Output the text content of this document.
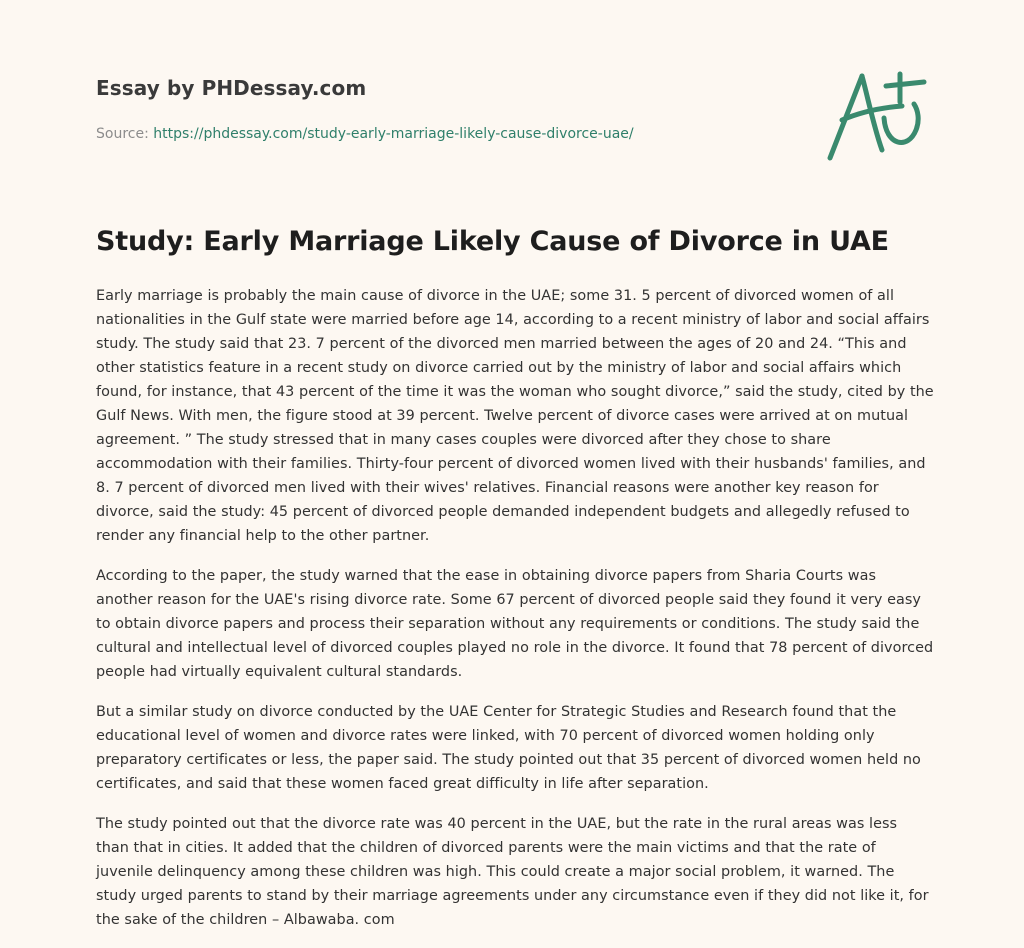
Essay by PHDessay.com
Source: https://phdessay.com/study-early-marriage-likely-cause-divorce-uae/
Study: Early Marriage Likely Cause of Divorce in UAE

Early marriage is probably the main cause of divorce in the UAE; some 31. 5 percent of divorced women of all nationalities in the Gulf state were married before age 14, according to a recent ministry of labor and social affairs study. The study said that 23. 7 percent of the divorced men married between the ages of 20 and 24. “This and other statistics feature in a recent study on divorce carried out by the ministry of labor and social affairs which found, for instance, that 43 percent of the time it was the woman who sought divorce,” said the study, cited by the Gulf News. With men, the figure stood at 39 percent. Twelve percent of divorce cases were arrived at on mutual agreement. ” The study stressed that in many cases couples were divorced after they chose to share accommodation with their families. Thirty-four percent of divorced women lived with their husbands' families, and 8. 7 percent of divorced men lived with their wives' relatives. Financial reasons were another key reason for divorce, said the study: 45 percent of divorced people demanded independent budgets and allegedly refused to render any financial help to the other partner.

According to the paper, the study warned that the ease in obtaining divorce papers from Sharia Courts was another reason for the UAE's rising divorce rate. Some 67 percent of divorced people said they found it very easy to obtain divorce papers and process their separation without any requirements or conditions. The study said the cultural and intellectual level of divorced couples played no role in the divorce. It found that 78 percent of divorced people had virtually equivalent cultural standards.

But a similar study on divorce conducted by the UAE Center for Strategic Studies and Research found that the educational level of women and divorce rates were linked, with 70 percent of divorced women holding only preparatory certificates or less, the paper said. The study pointed out that 35 percent of divorced women held no certificates, and said that these women faced great difficulty in life after separation.

The study pointed out that the divorce rate was 40 percent in the UAE, but the rate in the rural areas was less than that in cities. It added that the children of divorced parents were the main victims and that the rate of juvenile delinquency among these children was high. This could create a major social problem, it warned. The study urged parents to stand by their marriage agreements under any circumstance even if they did not like it, for the sake of the children – Albawaba. com
